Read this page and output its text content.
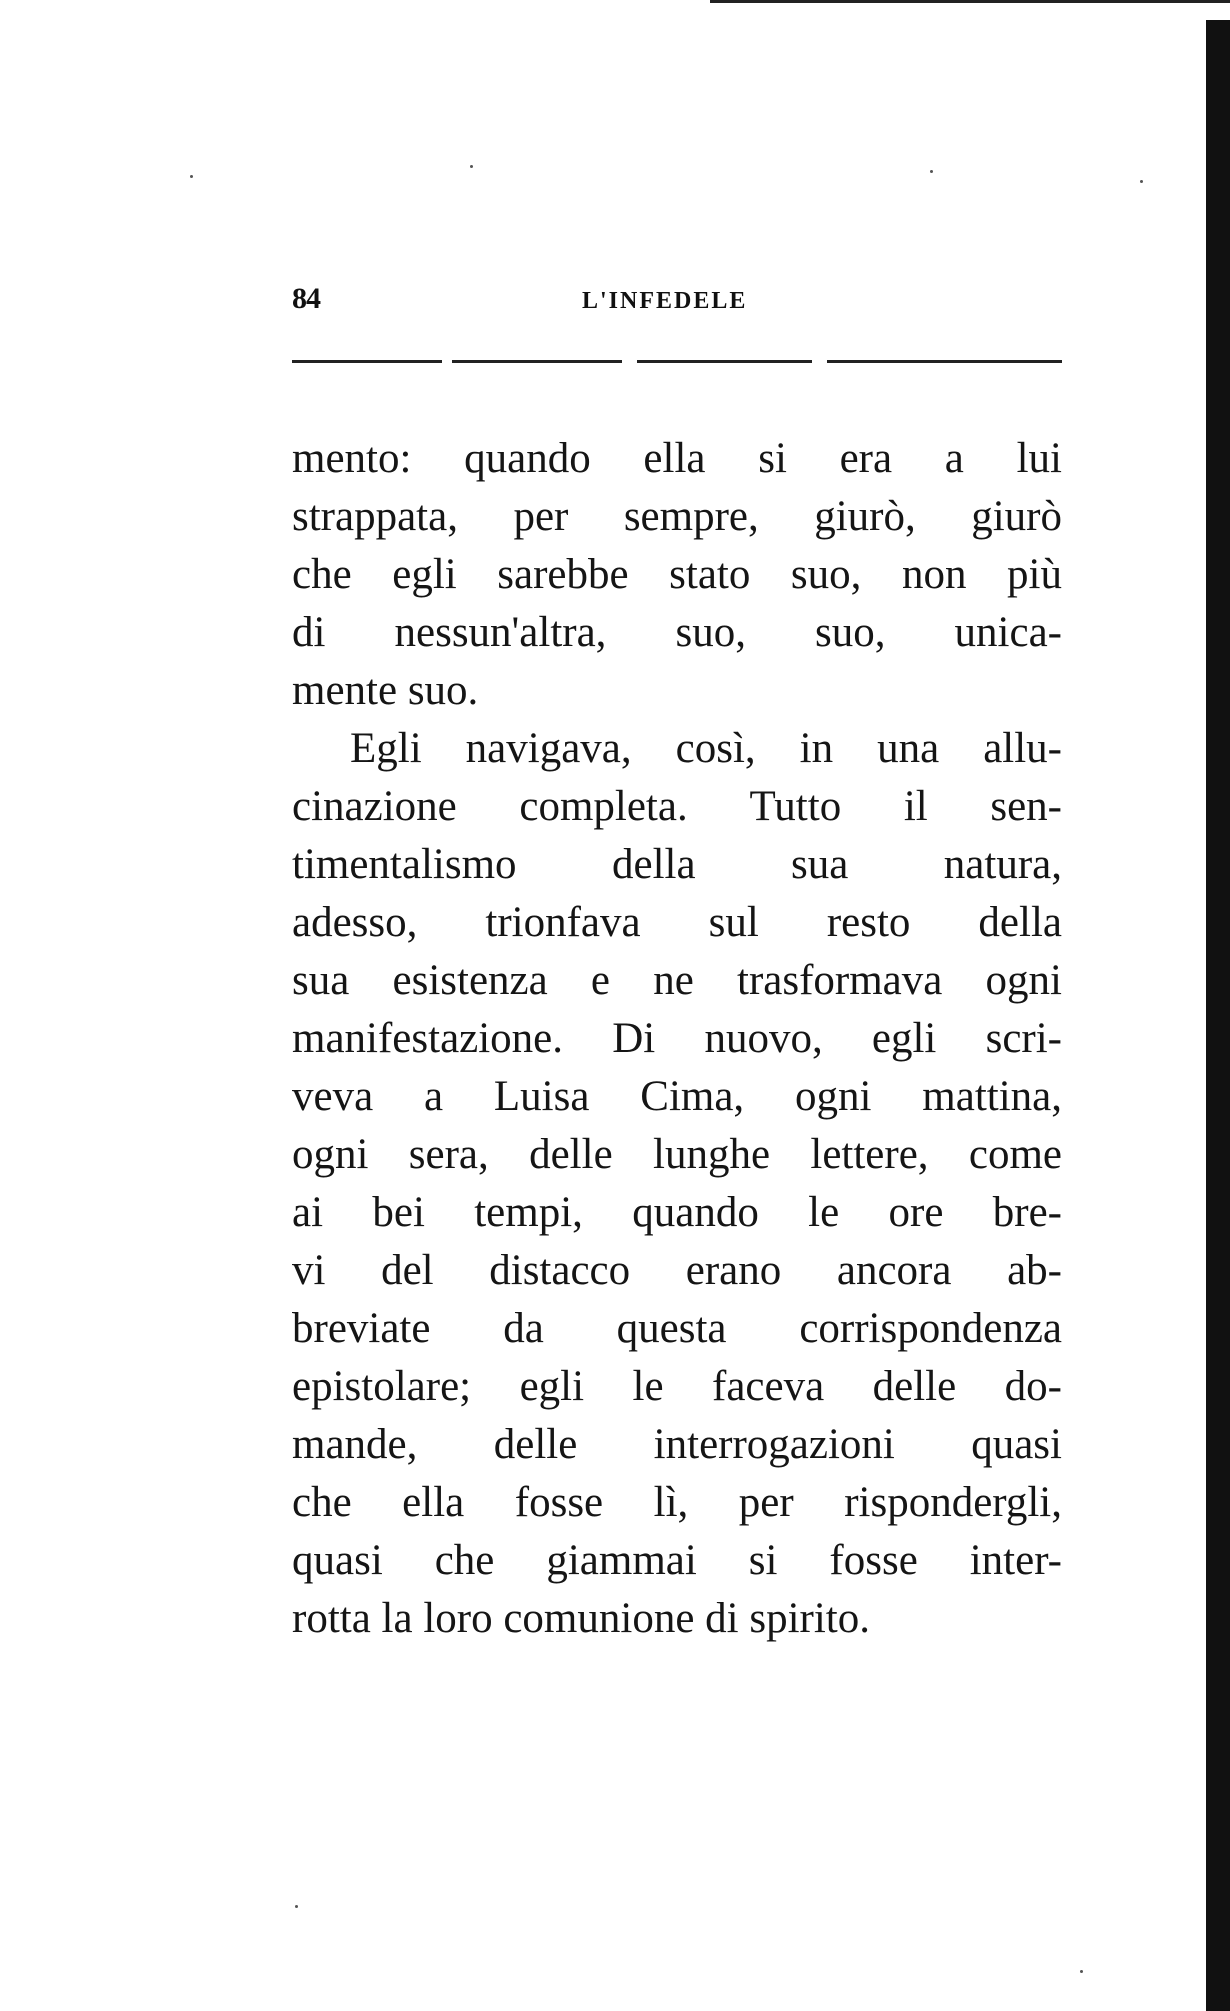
84	L'INFEDELE
mento: quando ella si era a lui
strappata, per sempre, giurò, giurò
che egli sarebbe stato suo, non più
di nessun'altra, suo, suo, unica-
mente suo.
Egli navigava, così, in una allu-
cinazione completa. Tutto il sen-
timentalismo della sua natura,
adesso, trionfava sul resto della
sua esistenza e ne trasformava ogni
manifestazione. Di nuovo, egli scri-
veva a Luisa Cima, ogni mattina,
ogni sera, delle lunghe lettere, come
ai bei tempi, quando le ore bre-
vi del distacco erano ancora ab-
breviate da questa corrispondenza
epistolare; egli le faceva delle do-
mande, delle interrogazioni quasi
che ella fosse lì, per rispondergli,
quasi che giammai si fosse inter-
rotta la loro comunione di spirito.
